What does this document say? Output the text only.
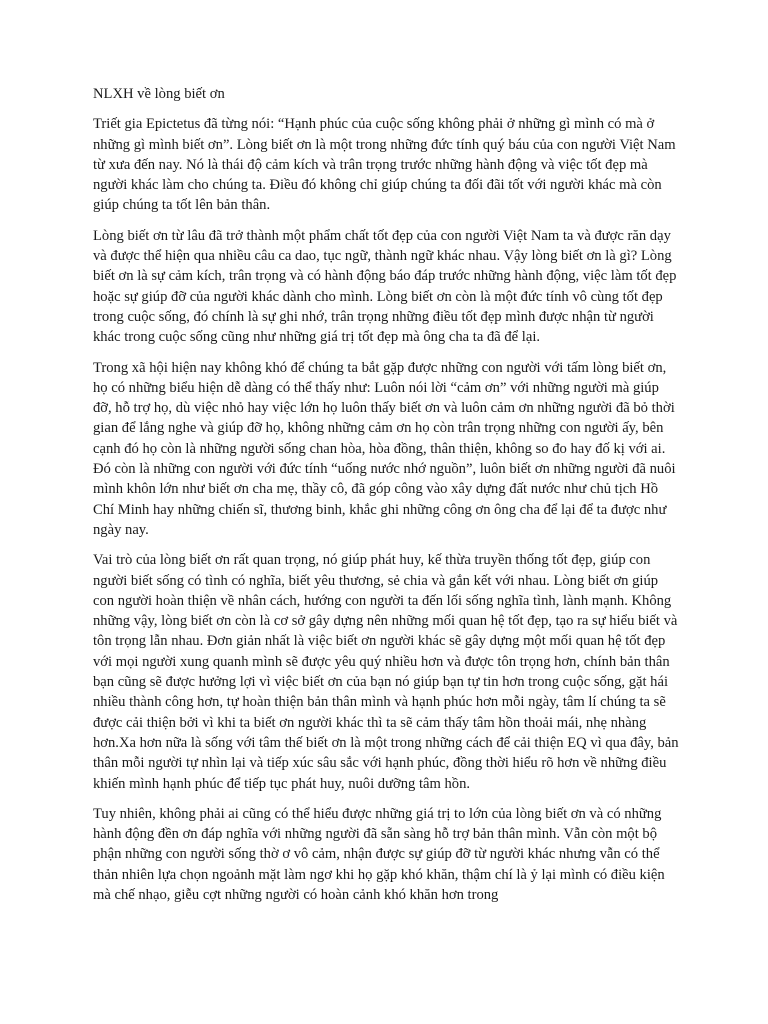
NLXH về lòng biết ơn

Triết gia Epictetus đã từng nói: “Hạnh phúc của cuộc sống không phải ở những gì mình có mà ở những gì mình biết ơn”. Lòng biết ơn là một trong những đức tính quý báu của con người Việt Nam từ xưa đến nay. Nó là thái độ cảm kích và trân trọng trước những hành động và việc tốt đẹp mà người khác làm cho chúng ta. Điều đó không chỉ giúp chúng ta đối đãi tốt với người khác mà còn giúp chúng ta tốt lên bản thân.

Lòng biết ơn từ lâu đã trở thành một phẩm chất tốt đẹp của con người Việt Nam ta và được răn dạy và được thể hiện qua nhiều câu ca dao, tục ngữ, thành ngữ khác nhau. Vậy lòng biết ơn là gì? Lòng biết ơn là sự cảm kích, trân trọng và có hành động báo đáp trước những hành động, việc làm tốt đẹp hoặc sự giúp đỡ của người khác dành cho mình. Lòng biết ơn còn là một đức tính vô cùng tốt đẹp trong cuộc sống, đó chính là sự ghi nhớ, trân trọng những điều tốt đẹp mình được nhận từ người khác trong cuộc sống cũng như những giá trị tốt đẹp mà ông cha ta đã để lại.

Trong xã hội hiện nay không khó để chúng ta bắt gặp được những con người với tấm lòng biết ơn, họ có những biểu hiện dễ dàng có thể thấy như: Luôn nói lời “cảm ơn” với những người mà giúp đỡ, hỗ trợ họ, dù việc nhỏ hay việc lớn họ luôn thấy biết ơn và luôn cảm ơn những người đã bỏ thời gian để lắng nghe và giúp đỡ họ, không những cảm ơn họ còn trân trọng những con người ấy, bên cạnh đó họ còn là những người sống chan hòa, hòa đồng, thân thiện, không so đo hay đố kị với ai. Đó còn là những con người với đức tính “uống nước nhớ nguồn”, luôn biết ơn những người đã nuôi mình khôn lớn như biết ơn cha mẹ, thầy cô, đã góp công vào xây dựng đất nước như chủ tịch Hồ Chí Minh hay những chiến sĩ, thương binh, khắc ghi những công ơn ông cha để lại để ta được như ngày nay.

Vai trò của lòng biết ơn rất quan trọng, nó giúp phát huy, kế thừa truyền thống tốt đẹp, giúp con người biết sống có tình có nghĩa, biết yêu thương, sẻ chia và gắn kết với nhau. Lòng biết ơn giúp con người hoàn thiện về nhân cách, hướng con người ta đến lối sống nghĩa tình, lành mạnh. Không những vậy, lòng biết ơn còn là cơ sở gây dựng nên những mối quan hệ tốt đẹp, tạo ra sự hiểu biết và tôn trọng lẫn nhau. Đơn giản nhất là việc biết ơn người khác sẽ gây dựng một mối quan hệ tốt đẹp với mọi người xung quanh mình sẽ được yêu quý nhiều hơn và được tôn trọng hơn, chính bản thân bạn cũng sẽ được hưởng lợi vì việc biết ơn của bạn nó giúp bạn tự tin hơn trong cuộc sống, gặt hái nhiều thành công hơn, tự hoàn thiện bản thân mình và hạnh phúc hơn mỗi ngày, tâm lí chúng ta sẽ được cải thiện bởi vì khi ta biết ơn người khác thì ta sẽ cảm thấy tâm hồn thoải mái, nhẹ nhàng hơn.Xa hơn nữa là sống với tâm thế biết ơn là một trong những cách để cải thiện EQ vì qua đây, bản thân mỗi người tự nhìn lại và tiếp xúc sâu sắc với hạnh phúc, đồng thời hiểu rõ hơn về những điều khiến mình hạnh phúc để tiếp tục phát huy, nuôi dưỡng tâm hồn.

Tuy nhiên, không phải ai cũng có thể hiểu được những giá trị to lớn của lòng biết ơn và có những hành động đền ơn đáp nghĩa với những người đã sẵn sàng hỗ trợ bản thân mình. Vẫn còn một bộ phận những con người sống thờ ơ vô cảm, nhận được sự giúp đỡ từ người khác nhưng vẫn có thể thản nhiên lựa chọn ngoảnh mặt làm ngơ khi họ gặp khó khăn, thậm chí là ỷ lại mình có điều kiện mà chế nhạo, giễu cợt những người có hoàn cảnh khó khăn hơn trong
